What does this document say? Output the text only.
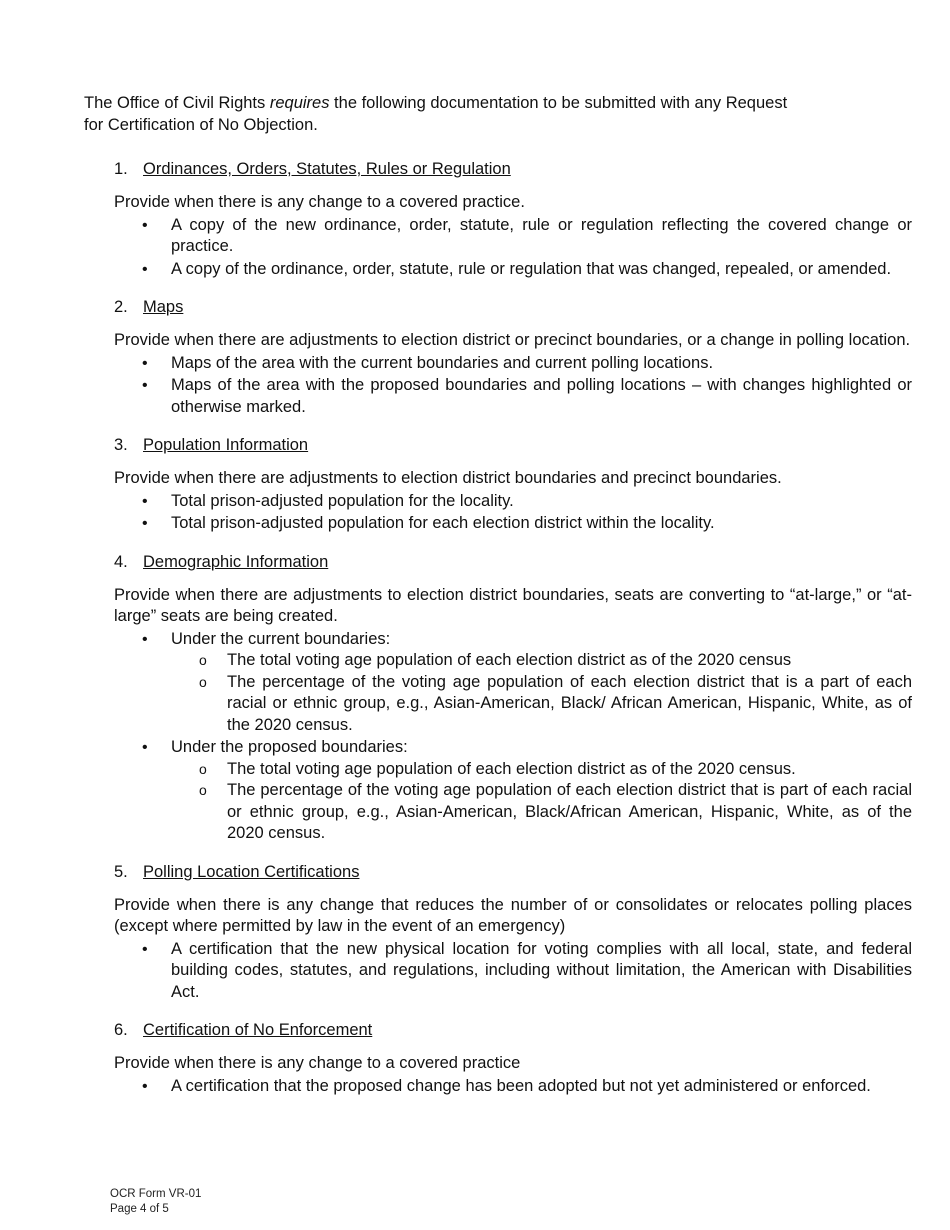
The Office of Civil Rights requires the following documentation to be submitted with any Request for Certification of No Objection.

1. Ordinances, Orders, Statutes, Rules or Regulation

Provide when there is any change to a covered practice.

• A copy of the new ordinance, order, statute, rule or regulation reflecting the covered change or practice.
• A copy of the ordinance, order, statute, rule or regulation that was changed, repealed, or amended.
2. Maps

Provide when there are adjustments to election district or precinct boundaries, or a change in polling location.

• Maps of the area with the current boundaries and current polling locations.
• Maps of the area with the proposed boundaries and polling locations – with changes highlighted or otherwise marked.
3. Population Information

Provide when there are adjustments to election district boundaries and precinct boundaries.

• Total prison-adjusted population for the locality.
• Total prison-adjusted population for each election district within the locality.
4. Demographic Information

Provide when there are adjustments to election district boundaries, seats are converting to “at-large,” or “at-large” seats are being created.

• Under the current boundaries:
o The total voting age population of each election district as of the 2020 census
o The percentage of the voting age population of each election district that is a part of each racial or ethnic group, e.g., Asian-American, Black/ African American, Hispanic, White, as of the 2020 census.
• Under the proposed boundaries:
o The total voting age population of each election district as of the 2020 census.
o The percentage of the voting age population of each election district that is part of each racial or ethnic group, e.g., Asian-American, Black/African American, Hispanic, White, as of the 2020 census.
5. Polling Location Certifications

Provide when there is any change that reduces the number of or consolidates or relocates polling places (except where permitted by law in the event of an emergency)

• A certification that the new physical location for voting complies with all local, state, and federal building codes, statutes, and regulations, including without limitation, the American with Disabilities Act.
6. Certification of No Enforcement

Provide when there is any change to a covered practice

• A certification that the proposed change has been adopted but not yet administered or enforced.
OCR Form VR-01
Page 4 of 5
